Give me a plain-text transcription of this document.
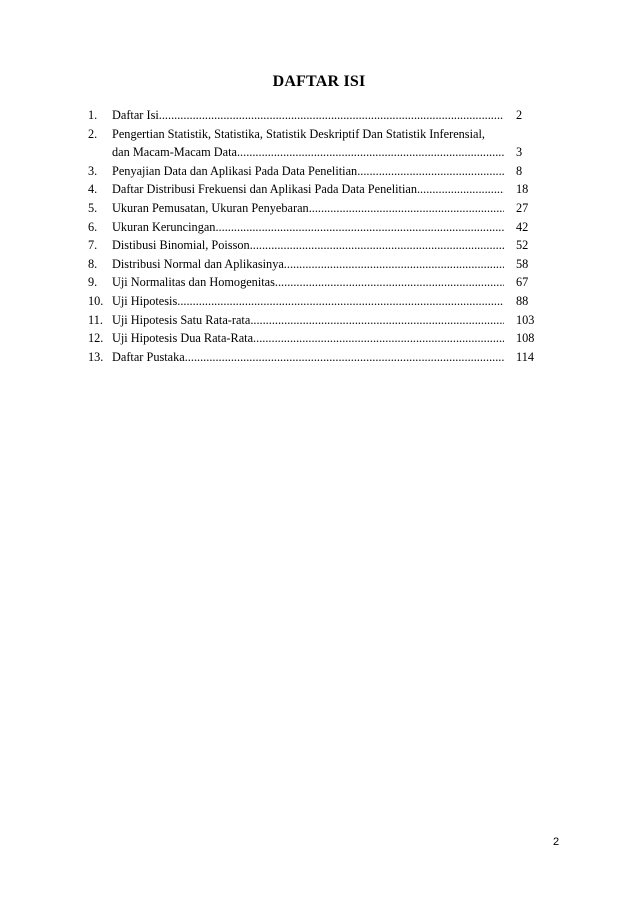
DAFTAR ISI
1. Daftar Isi .....	2
2. Pengertian Statistik, Statistika, Statistik Deskriptif Dan Statistik Inferensial,
dan Macam-Macam Data .....	3
3. Penyajian Data dan Aplikasi Pada Data Penelitian .....	8
4. Daftar Distribusi Frekuensi dan Aplikasi Pada Data Penelitian .....	18
5. Ukuran Pemusatan, Ukuran Penyebaran .....	27
6. Ukuran Keruncingan .....	42
7. Distibusi Binomial, Poisson .....	52
8. Distribusi Normal dan Aplikasinya .....	58
9. Uji Normalitas dan Homogenitas .....	67
10. Uji Hipotesis .....	88
11. Uji Hipotesis Satu Rata-rata .....	103
12. Uji Hipotesis Dua Rata-Rata .....	108
13. Daftar Pustaka .....	114
2
